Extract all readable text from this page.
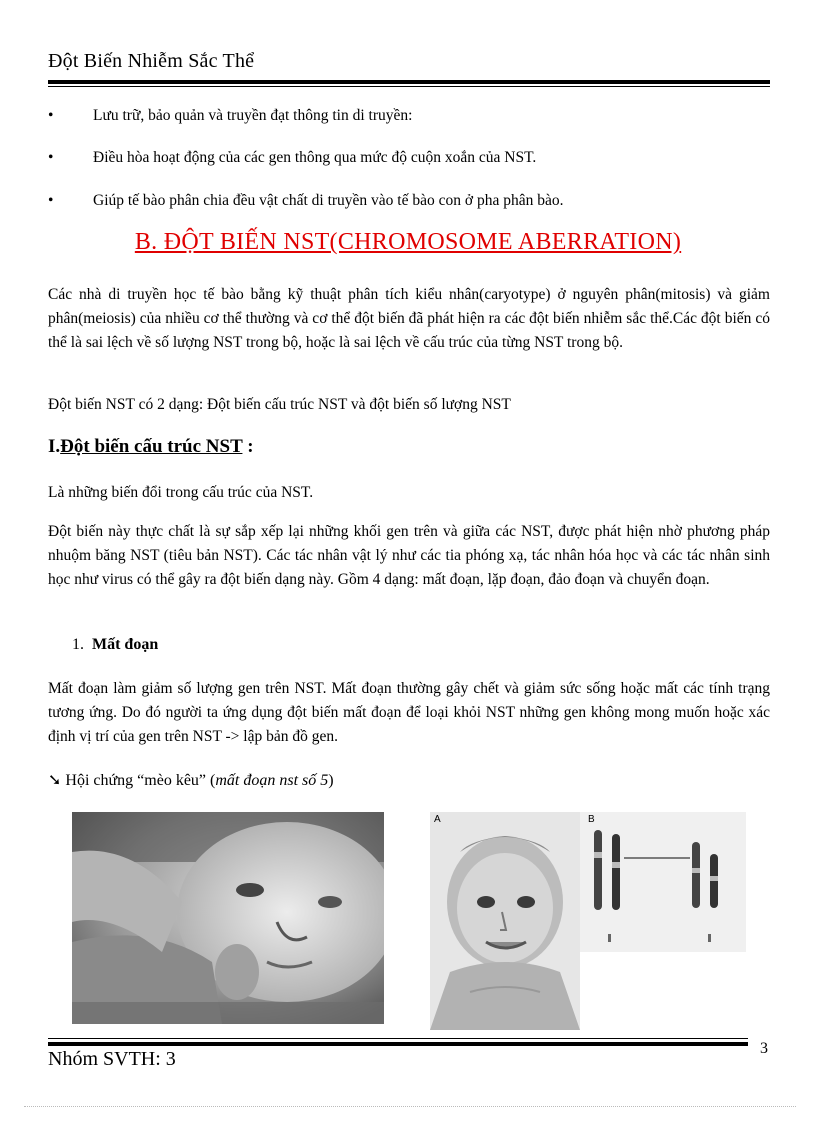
Đột Biến Nhiễm Sắc Thể
•	Lưu trữ, bảo quản và truyền đạt thông tin di truyền:
•	Điều hòa hoạt động của các gen thông qua mức độ cuộn xoắn của NST.
•	Giúp tế bào phân chia đều vật chất di truyền vào tế bào con ở pha phân bào.
B. ĐỘT BIẾN NST(CHROMOSOME ABERRATION)
Các nhà di truyền học tế bào bằng kỹ thuật phân tích kiểu nhân(caryotype) ở nguyên phân(mitosis) và giảm phân(meiosis) của nhiều cơ thể thường và cơ thể đột biến đã phát hiện ra các đột biến nhiễm sắc thể.Các đột biến có thể là sai lệch về số lượng NST trong bộ, hoặc là sai lệch về cấu trúc của từng NST trong bộ.
Đột biến NST có 2 dạng: Đột biến cấu trúc NST và đột biến số lượng NST
I.Đột biến cấu trúc NST :
Là những biến đổi trong cấu trúc của NST.
Đột biến này thực chất là sự sắp xếp lại những khối gen trên và giữa các NST, được phát hiện nhờ phương pháp nhuộm băng NST (tiêu bản NST). Các tác nhân vật lý như các tia phóng xạ, tác nhân hóa học và các tác nhân sinh học như virus có thể gây ra đột biến dạng này. Gồm 4 dạng: mất đoạn, lặp đoạn, đảo đoạn và chuyển đoạn.
1. Mất đoạn
Mất đoạn làm giảm số lượng gen trên NST. Mất đoạn thường gây chết và giảm sức sống hoặc mất các tính trạng tương ứng. Do đó người ta ứng dụng đột biến mất đoạn để loại khỏi NST những gen không mong muốn hoặc xác định vị trí của gen trên NST -> lập bản đồ gen.
➘ Hội chứng “mèo kêu” (mất đoạn nst số 5)
A	B
Nhóm SVTH: 3	3
